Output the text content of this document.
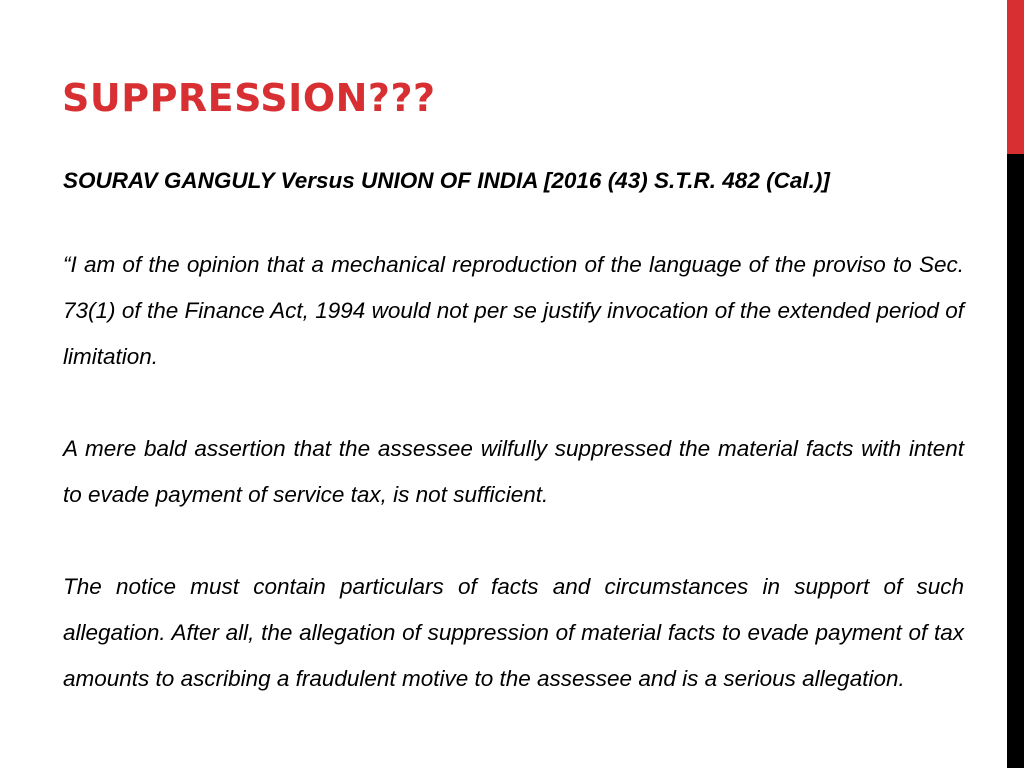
SUPPRESSION???

SOURAV GANGULY Versus UNION OF INDIA [2016 (43) S.T.R. 482 (Cal.)]

“I am of the opinion that a mechanical reproduction of the language of the proviso to Sec. 73(1) of the Finance Act, 1994 would not per se justify invocation of the extended period of limitation.

A mere bald assertion that the assessee wilfully suppressed the material facts with intent to evade payment of service tax, is not sufficient.

The notice must contain particulars of facts and circumstances in support of such allegation. After all, the allegation of suppression of material facts to evade payment of tax amounts to ascribing a fraudulent motive to the assessee and is a serious allegation.
